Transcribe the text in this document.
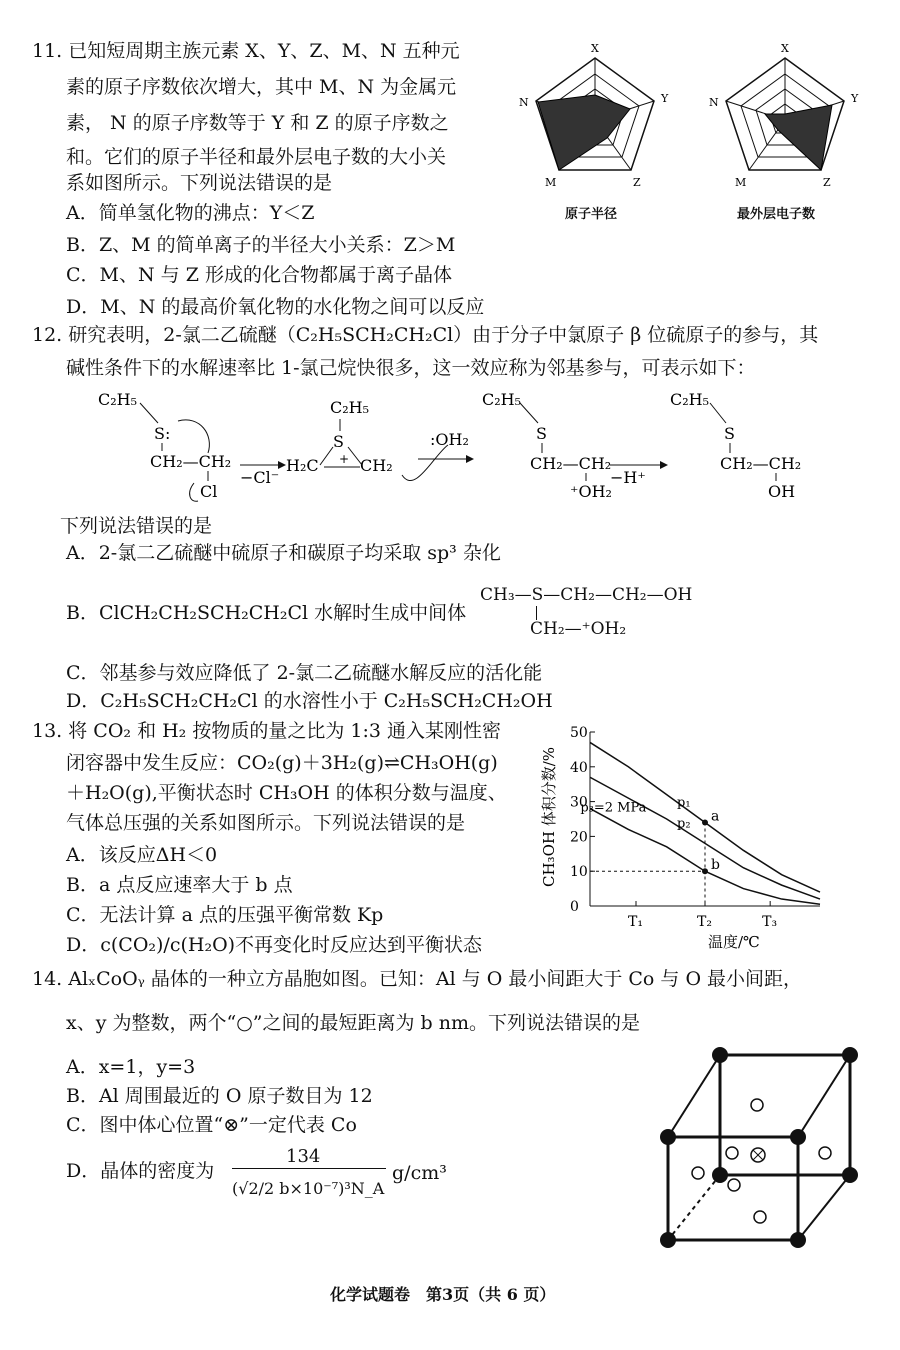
11. 已知短周期主族元素 X、Y、Z、M、N 五种元
素的原子序数依次增大，其中 M、N 为金属元
素， N 的原子序数等于 Y 和 Z 的原子序数之
和。它们的原子半径和最外层电子数的大小关
系如图所示。下列说法错误的是
A．简单氢化物的沸点：Y＜Z
B．Z、M 的简单离子的半径大小关系：Z＞M
C．M、N 与 Z 形成的化合物都属于离子晶体
D．M、N 的最高价氧化物的水化物之间可以反应
X
Y
Z
M
N
X
Y
Z
M
N
原子半径	最外层电子数
12. 研究表明，2-氯二乙硫醚（C₂H₅SCH₂CH₂Cl）由于分子中氯原子 β 位硫原子的参与，其
碱性条件下的水解速率比 1-氯己烷快很多，这一效应称为邻基参与，可表示如下：
C₂H₅
S:
CH₂—CH₂
Cl
−Cl⁻
C₂H₅
S
+
H₂C	CH₂
:OH₂
C₂H₅
S
CH₂—CH₂
⁺OH₂
−H⁺
C₂H₅
S
CH₂—CH₂
OH
下列说法错误的是
A．2-氯二乙硫醚中硫原子和碳原子均采取 sp³ 杂化
B．ClCH₂CH₂SCH₂CH₂Cl 水解时生成中间体
CH₃—S—CH₂—CH₂—OH
CH₂—⁺OH₂
C．邻基参与效应降低了 2-氯二乙硫醚水解反应的活化能
D．C₂H₅SCH₂CH₂Cl 的水溶性小于 C₂H₅SCH₂CH₂OH
13. 将 CO₂ 和 H₂ 按物质的量之比为 1:3 通入某刚性密
闭容器中发生反应：CO₂(g)＋3H₂(g)⇌CH₃OH(g)
＋H₂O(g),平衡状态时 CH₃OH 的体积分数与温度、
气体总压强的关系如图所示。下列说法错误的是
A．该反应ΔH＜0
B．a 点反应速率大于 b 点
C．无法计算 a 点的压强平衡常数 Kp
D．c(CO₂)/c(H₂O)不再变化时反应达到平衡状态
CH₃OH 体积分数/%
0
10
20
30
40
50
T₁	T₂	T₃
p₁
p₂
p₃=2 MPa
a
b
温度/℃
14. AlₓCoOᵧ 晶体的一种立方晶胞如图。已知：Al 与 O 最小间距大于 Co 与 O 最小间距，
x、y 为整数，两个“○”之间的最短距离为 b nm。下列说法错误的是
A．x=1，y=3
B．Al 周围最近的 O 原子数目为 12
C．图中体心位置“⊗”一定代表 Co
D．晶体的密度为
134
(√2/2 b×10⁻⁷)³N_A
g/cm³
化学试题卷　第3页（共 6 页）
